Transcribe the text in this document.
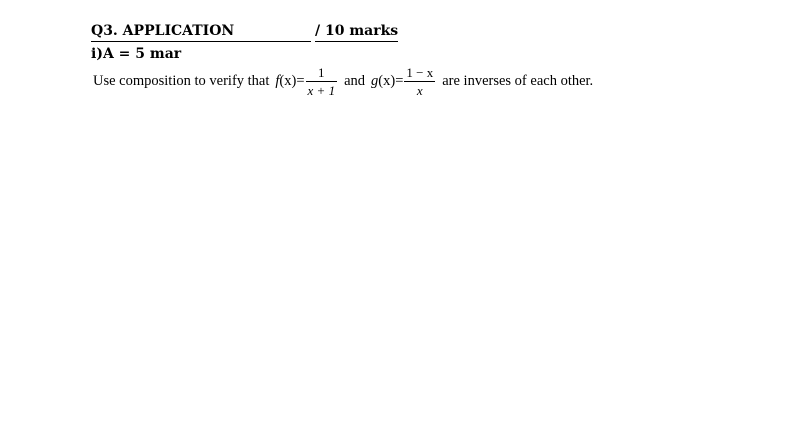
Q3. APPLICATION	/ 10 marks
i)A = 5 mar
Use composition to verify that f $(x) = \frac{1}{x + 1}$ and g $(x) = \frac{1 - x}{x}$ are inverses of each other.
